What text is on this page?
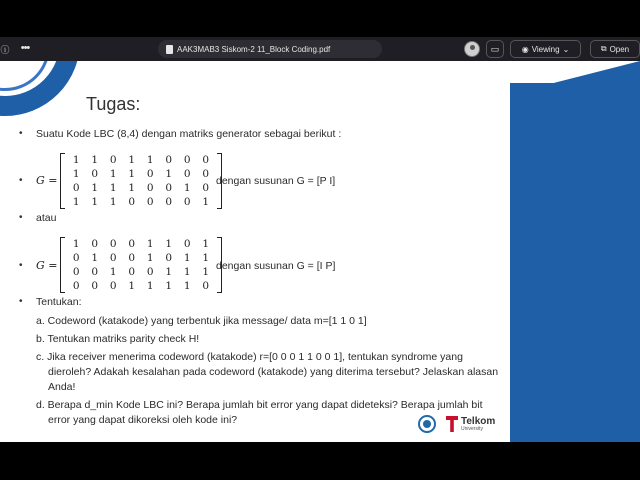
ⓘ •••	AAK3MAB3 Siskom-2 11_Block Coding.pdf	▭	◉ Viewing ⌄	⧉ Open
Tugas:
• Suatu Kode LBC (8,4) dengan matriks generator sebagai berikut :
• G =
1	1	0	1	1	0	0	0
1	0	1	1	0	1	0	0
0	1	1	1	0	0	1	0
1	1	1	0	0	0	0	1
dengan susunan G = [P I]
• atau
• G =
1	0	0	0	1	1	0	1
0	1	0	0	1	0	1	1
0	0	1	0	0	1	1	1
0	0	0	1	1	1	1	0
dengan susunan G = [I P]
• Tentukan:
a. Codeword (katakode) yang terbentuk jika message/ data m=[1 1 0 1]
b. Tentukan matriks parity check H!
c. Jika receiver menerima codeword (katakode) r=[0 0 0 1 1 0 0 1], tentukan syndrome yang
dieroleh? Adakah kesalahan pada codeword (katakode) yang diterima tersebut? Jelaskan alasan
Anda!
d. Berapa d_min Kode LBC ini? Berapa jumlah bit error yang dapat dideteksi? Berapa jumlah bit
error yang dapat dikoreksi oleh kode ini?	Telkom
University
